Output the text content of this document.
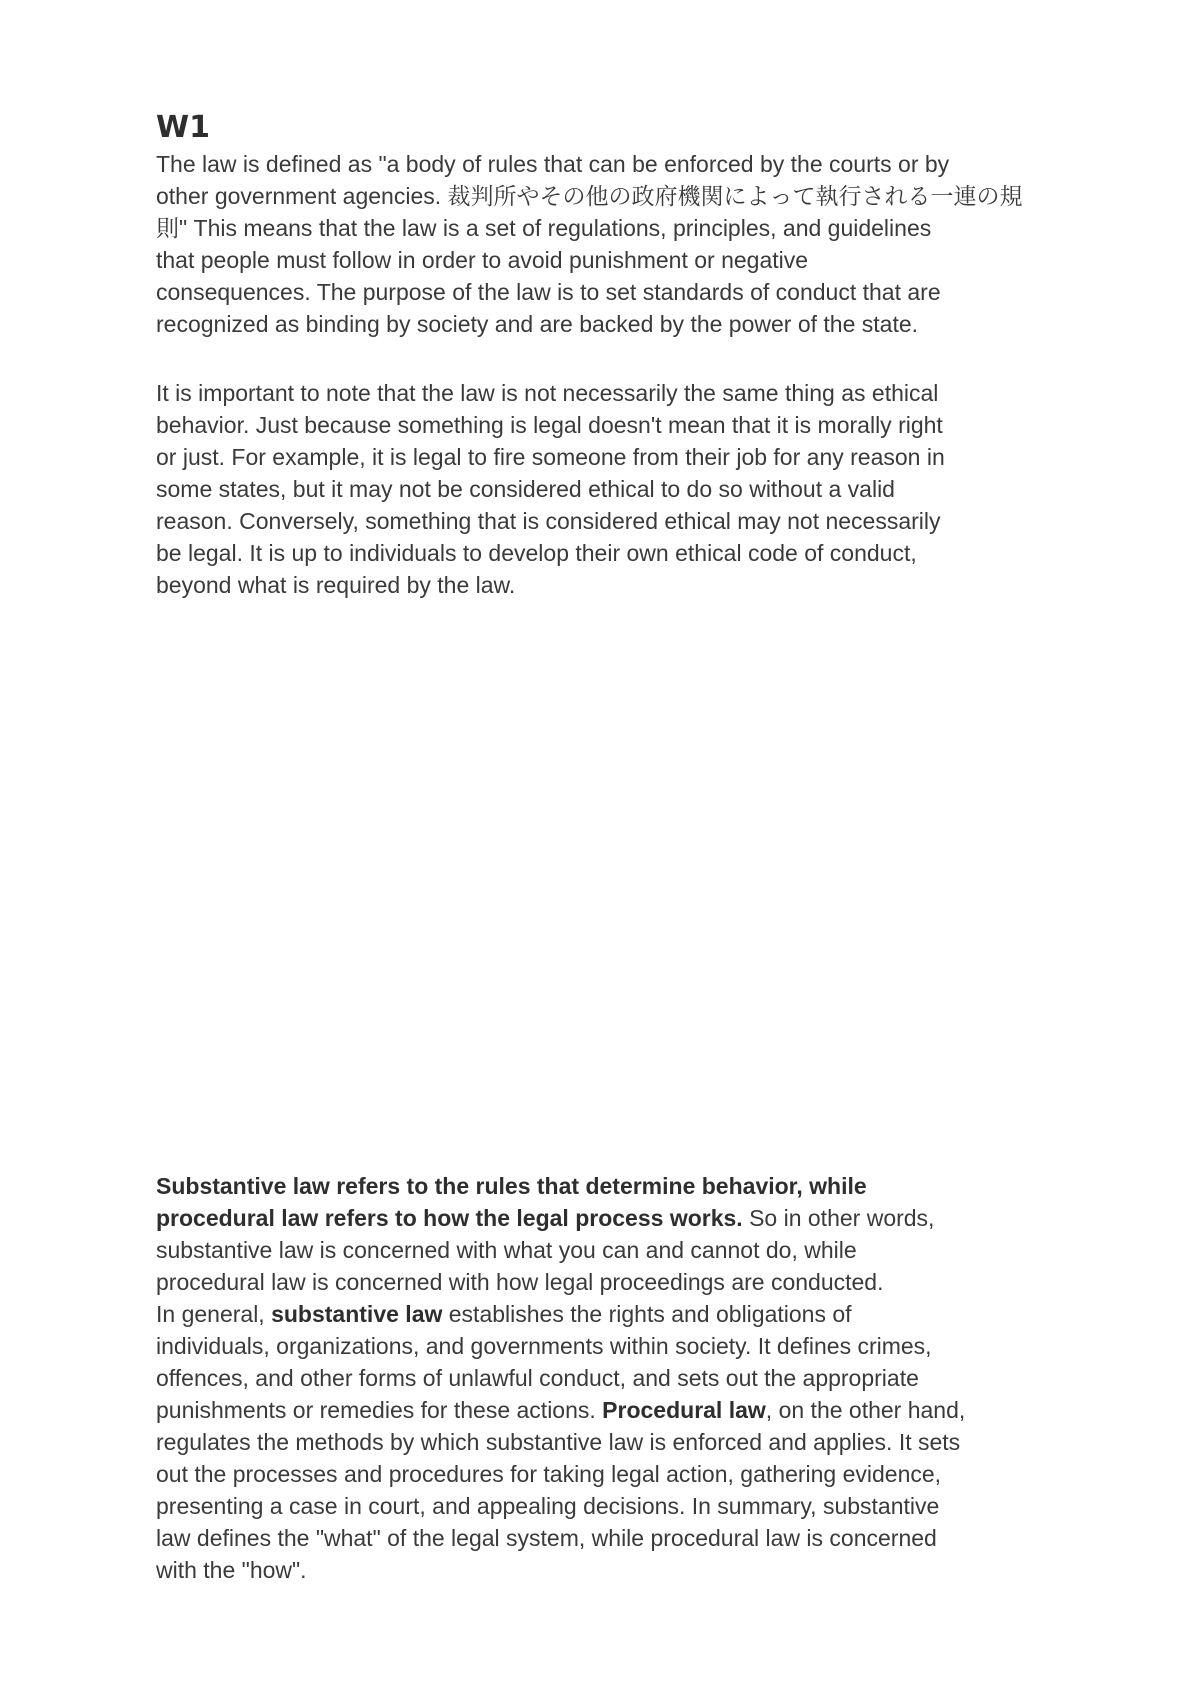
W1

The law is defined as "a body of rules that can be enforced by the courts or by
other government agencies. 裁判所やその他の政府機関によって執行される一連の規
則" This means that the law is a set of regulations, principles, and guidelines
that people must follow in order to avoid punishment or negative
consequences. The purpose of the law is to set standards of conduct that are
recognized as binding by society and are backed by the power of the state.

It is important to note that the law is not necessarily the same thing as ethical
behavior. Just because something is legal doesn't mean that it is morally right
or just. For example, it is legal to fire someone from their job for any reason in
some states, but it may not be considered ethical to do so without a valid
reason. Conversely, something that is considered ethical may not necessarily
be legal. It is up to individuals to develop their own ethical code of conduct,
beyond what is required by the law.

Substantive law refers to the rules that determine behavior, while
procedural law refers to how the legal process works. So in other words,
substantive law is concerned with what you can and cannot do, while
procedural law is concerned with how legal proceedings are conducted.
In general, substantive law establishes the rights and obligations of
individuals, organizations, and governments within society. It defines crimes,
offences, and other forms of unlawful conduct, and sets out the appropriate
punishments or remedies for these actions. Procedural law, on the other hand,
regulates the methods by which substantive law is enforced and applies. It sets
out the processes and procedures for taking legal action, gathering evidence,
presenting a case in court, and appealing decisions. In summary, substantive
law defines the "what" of the legal system, while procedural law is concerned
with the "how".
